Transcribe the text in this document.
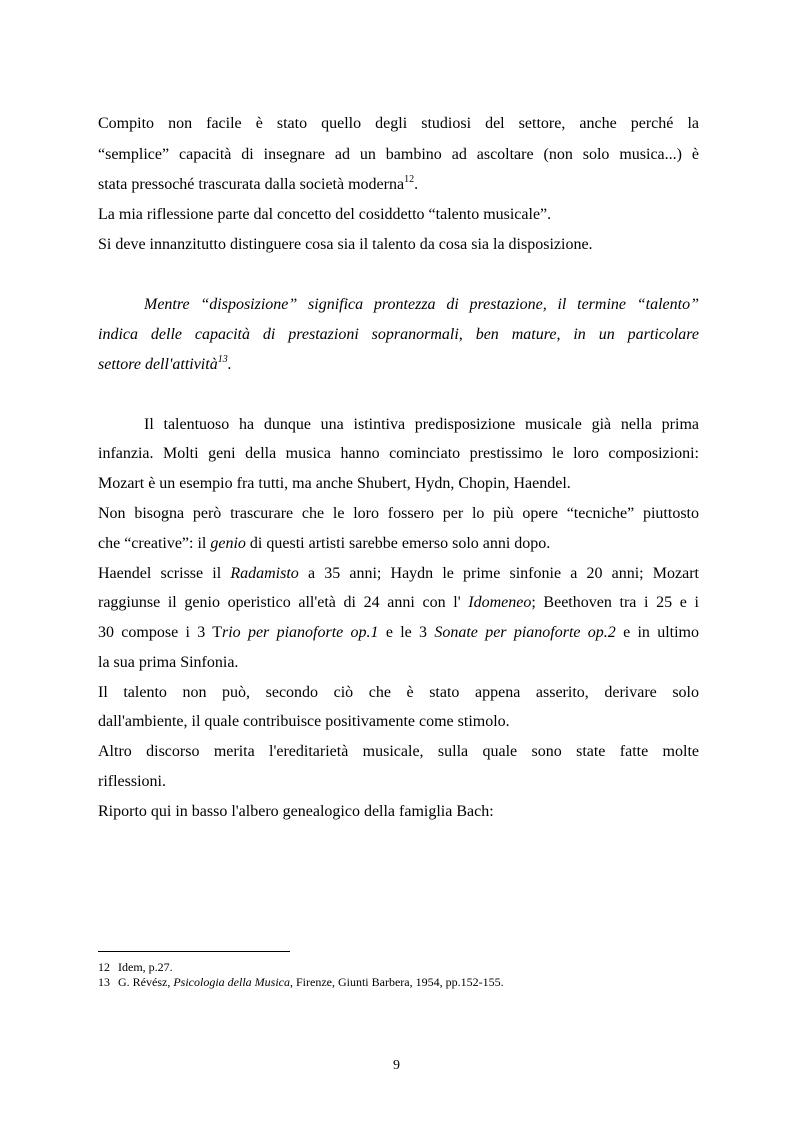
Compito non facile è stato quello degli studiosi del settore, anche perché la
“semplice” capacità di insegnare ad un bambino ad ascoltare (non solo musica...) è
stata pressoché trascurata dalla società moderna$^{12}$.
La mia riflessione parte dal concetto del cosiddetto “talento musicale”.
Si deve innanzitutto distinguere cosa sia il talento da cosa sia la disposizione.
Mentre “disposizione” significa prontezza di prestazione, il termine “talento”
indica delle capacità di prestazioni sopranormali, ben mature, in un particolare
settore dell'attività$^{13}$.
Il talentuoso ha dunque una istintiva predisposizione musicale già nella prima
infanzia. Molti geni della musica hanno cominciato prestissimo le loro composizioni:
Mozart è un esempio fra tutti, ma anche Shubert, Hydn, Chopin, Haendel.
Non bisogna però trascurare che le loro fossero per lo più opere “tecniche” piuttosto
che “creative”: il genio di questi artisti sarebbe emerso solo anni dopo.
Haendel scrisse il Radamisto a 35 anni; Haydn le prime sinfonie a 20 anni; Mozart
raggiunse il genio operistico all'età di 24 anni con l' Idomeneo; Beethoven tra i 25 e i
30 compose i 3 Trio per pianoforte op.1 e le 3 Sonate per pianoforte op.2 e in ultimo
la sua prima Sinfonia.
Il talento non può, secondo ciò che è stato appena asserito, derivare solo
dall'ambiente, il quale contribuisce positivamente come stimolo.
Altro discorso merita l'ereditarietà musicale, sulla quale sono state fatte molte
riflessioni.
Riporto qui in basso l'albero genealogico della famiglia Bach:
12 Idem, p.27.
13 G. Révész, Psicologia della Musica, Firenze, Giunti Barbera, 1954, pp.152-155.
9
